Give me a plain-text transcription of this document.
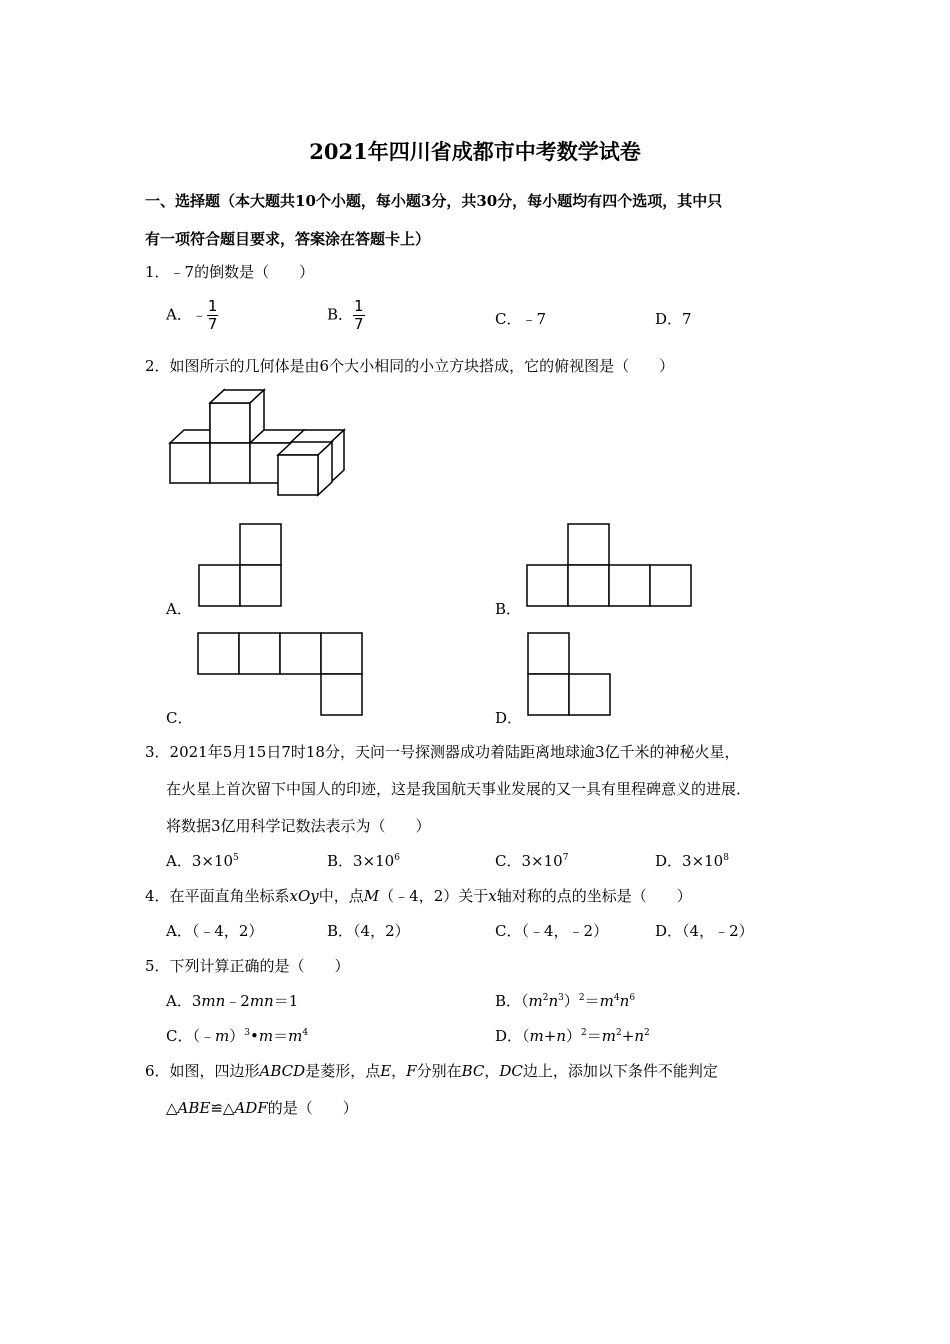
2021年四川省成都市中考数学试卷
一、选择题（本大题共10个小题，每小题3分，共30分，每小题均有四个选项，其中只
有一项符合题目要求，答案涂在答题卡上）
1．﹣7的倒数是（　　）
A．﹣ $\frac{1}{7}$	B． $\frac{1}{7}$	C．﹣7	D．7
2．如图所示的几何体是由6个大小相同的小立方块搭成，它的俯视图是（　　）
A．	B．
C．	D．
3．2021年5月15日7时18分，天问一号探测器成功着陆距离地球逾3亿千米的神秘火星，
在火星上首次留下中国人的印迹，这是我国航天事业发展的又一具有里程碑意义的进展．
将数据3亿用科学记数法表示为（　　）
A．$3\times 10^5$	B．$3\times 10^6$	C．$3\times 10^7$	D．$3\times 10^8$
4．在平面直角坐标系xOy中，点M（﹣4，2）关于x轴对称的点的坐标是（　　）
A．（﹣4，2）	B．（4，2）	C．（﹣4，﹣2）	D．（4，﹣2）
5．下列计算正确的是（　　）
A．3mn﹣2mn＝1	B．$(m^2n^3)^2=m^4n^6$
C．$(﹣m)^3•m=m^4$	D．$(m+n)^2=m^2+n^2$
6．如图，四边形ABCD是菱形，点E，F分别在BC，DC边上，添加以下条件不能判定
△ABE≌△ADF的是（　　）
